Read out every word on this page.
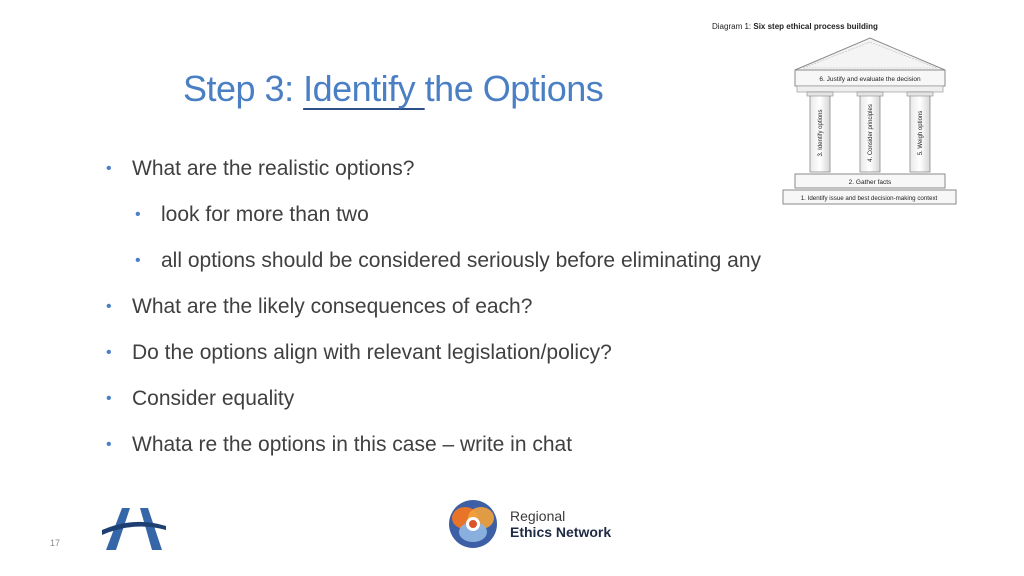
Step 3: Identify the Options
• What are the realistic options?
• look for more than two
• all options should be considered seriously before eliminating any
• What are the likely consequences of each?
• Do the options align with relevant legislation/policy?
• Consider equality
• Whata re the options in this case – write in chat
Diagram 1: Six step ethical process building
6. Justify and evaluate the decision
3. Identify options	4. Consider principles	5. Weigh options
2. Gather facts
1. Identify issue and best decision-making context
Regional
Ethics Network
17
